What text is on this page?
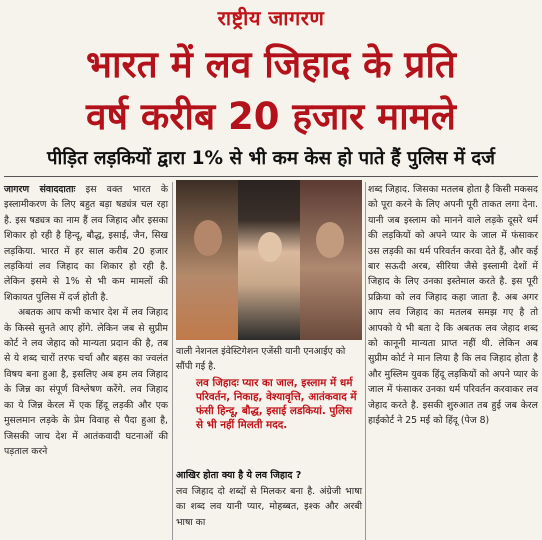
राष्ट्रीय जागरण
भारत में लव जिहाद के प्रति
वर्ष करीब 20 हजार मामले
पीड़ित लड़कियों द्वारा 1% से भी कम केस हो पाते हैं पुलिस में दर्ज
जागरण संवाददाताः इस वक्त भारत के इस्लामीकरण के लिए बहुत बड़ा षड्यंत्र चल रहा है. इस षड्यत्र का नाम हैं लव जिहाद और इसका शिकार हो रही है हिन्दू, बौद्ध, इसाई, जैन, सिख लड़किया. भारत में हर साल करीब 20 हजार लड़कियां लव जिहाद का शिकार हो रही है. लेकिन इसमे से 1% से भी कम मामलों की शिकायत पुलिस में दर्ज होती है.
अबतक आप कभी कभार देश में लव जिहाद के किस्से सुनते आए होंगे. लेकिन जब से सुप्रीम कोर्ट ने लव जेहाद को मान्यता प्रदान की है, तब से ये शब्द चारों तरफ चर्चा और बहस का ज्वलंत विषय बना हुआ है, इसलिए अब हम लव जिहाद के जिन्न का संपूर्ण विश्लेषण करेंगे. लव जिहाद का ये जिन्न केरल में एक हिंदू लड़की और एक मुसलमान लड़के के प्रेम विवाह से पैदा हुआ है, जिसकी जाच देश में आतंकवादी घटनाओं की पड़ताल करने
वाली नेशनल इंवेस्टिगेशन एजेंसी यानी एनआईए को सौंपी गई है.
लव जिहादः प्यार का जाल, इस्लाम में धर्म परिवर्तन, निकाह, वेश्यावृत्ति, आतंकवाद में फंसी हिन्दू, बौद्ध, इसाई लडकियां. पुलिस से भी नहीं मिलती मदद.
आखिर होता क्या है ये लव जिहाद ?
लव जिहाद दो शब्दों से मिलकर बना है. अंग्रेजी भाषा का शब्द लव यानी प्यार, मोहब्बत, इश्क और अरबी भाषा का
शब्द जिहाद. जिसका मतलब होता है किसी मकसद को पूरा करने के लिए अपनी पूरी ताकत लगा देना. यानी जब इस्लाम को मानने वाले लड़के दूसरे धर्म की लड़कियों को अपने प्यार के जाल में फंसाकर उस लड़की का धर्म परिवर्तन करवा देते हैं, और कई बार सऊदी अरब, सीरिया जैसे इस्लामी देशों में जिहाद के लिए उनका इस्तेमाल करते है. इस पूरी प्रक्रिया को लव जिहाद कहा जाता है. अब अगर आप लव जिहाद का मतलब समझ गए है तो आपको ये भी बता दे कि अबतक लव जेहाद शब्द को कानूनी मान्यता प्राप्त नहीं थी. लेकिन अब सुप्रीम कोर्ट ने मान लिया है कि लव जिहाद होता है और मुस्लिम युवक हिंदू लड़कियों को अपने प्यार के जाल में फंसाकर उनका धर्म परिवर्तन करवाकर लव जेहाद करते है. इसकी शुरुआत तब हुई जब केरल हाईकोर्ट ने 25 मई को हिंदू (पेज 8)
